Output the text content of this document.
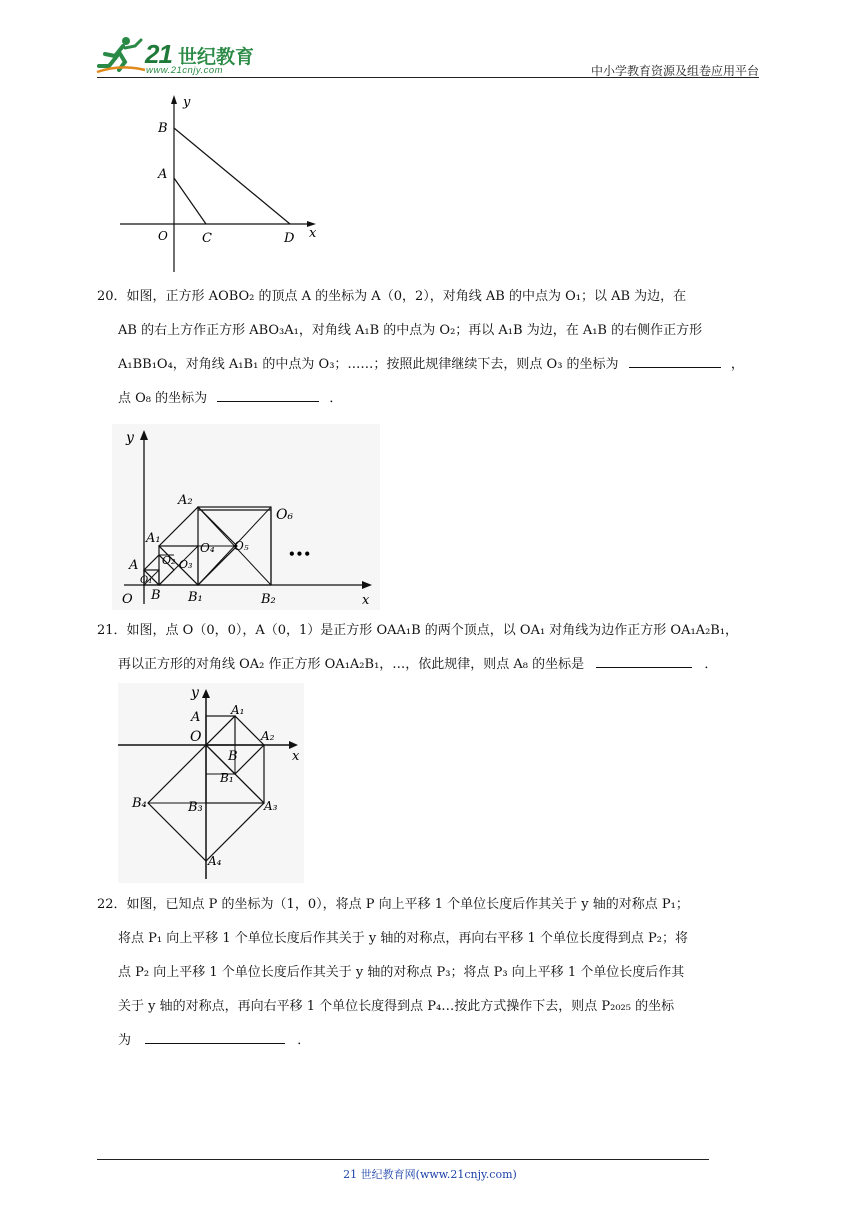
21 世纪教育
www.21cnjy.com	中小学教育资源及组卷应用平台
y
B
A
O	C	D x
20．如图，正方形 AOBO₂ 的顶点 A 的坐标为 A（0，2），对角线 AB 的中点为 O₁；以 AB 为边，在
AB 的右上方作正方形 ABO₃A₁，对角线 A₁B 的中点为 O₂；再以 A₁B 为边，在 A₁B 的右侧作正方形
A₁BB₁O₄，对角线 A₁B₁ 的中点为 O₃；……；按照此规律继续下去，则点 O₃ 的坐标为	，
点 O₈ 的坐标为	．
y
A₂
O₆
A₁
O₄ O₅
O₂ O₃
A
O₁
•••
O B B₁	B₂	x
21．如图，点 O（0，0），A（0，1）是正方形 OAA₁B 的两个顶点，以 OA₁ 对角线为边作正方形 OA₁A₂B₁，
再以正方形的对角线 OA₂ 作正方形 OA₁A₂B₁，…，依此规律，则点 A₈ 的坐标是	．
y
A₁
A
O	A₂
B	x
B₁
B₄	B₃	A₃
A₄
22．如图，已知点 P 的坐标为（1，0），将点 P 向上平移 1 个单位长度后作其关于 y 轴的对称点 P₁；
将点 P₁ 向上平移 1 个单位长度后作其关于 y 轴的对称点，再向右平移 1 个单位长度得到点 P₂；将
点 P₂ 向上平移 1 个单位长度后作其关于 y 轴的对称点 P₃；将点 P₃ 向上平移 1 个单位长度后作其
关于 y 轴的对称点，再向右平移 1 个单位长度得到点 P₄…按此方式操作下去，则点 P₂₀₂₅ 的坐标
为	．
21 世纪教育网(www.21cnjy.com)
